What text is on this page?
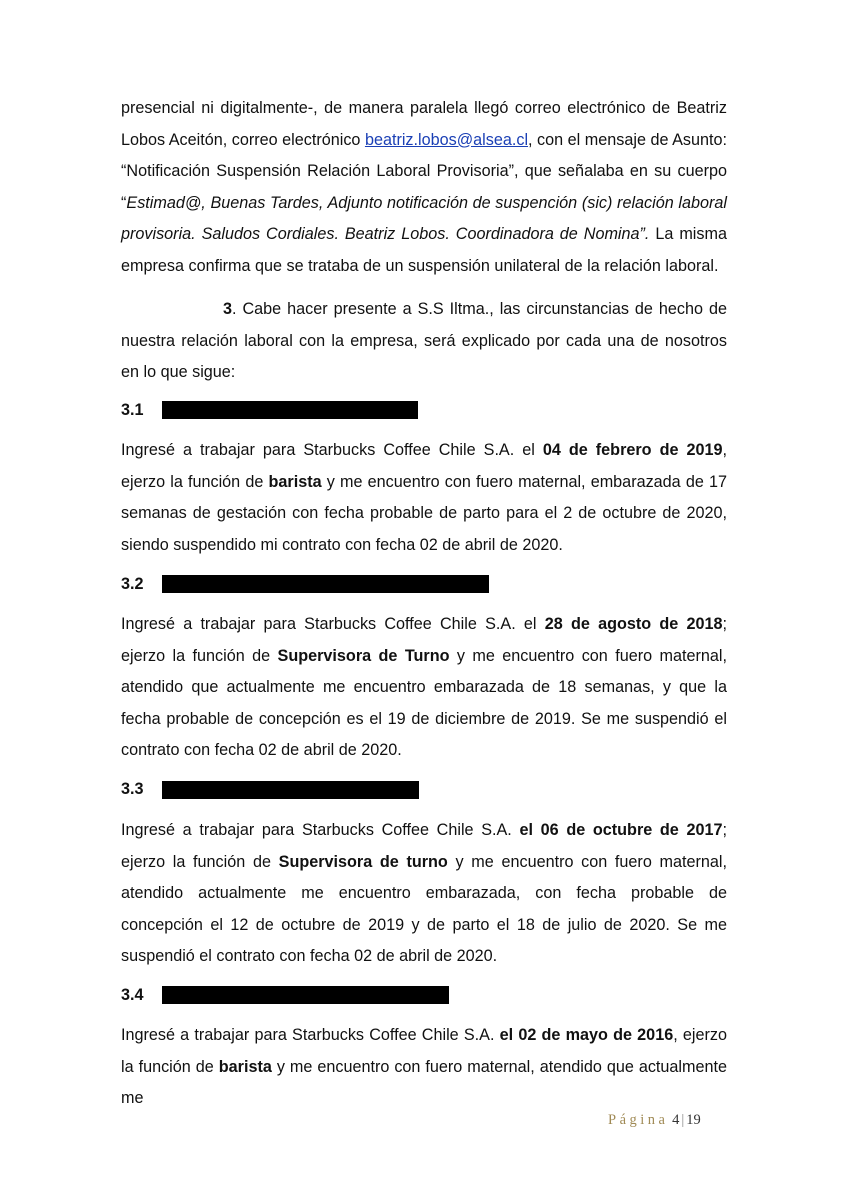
presencial ni digitalmente-, de manera paralela llegó correo electrónico de Beatriz Lobos Aceitón, correo electrónico beatriz.lobos@alsea.cl, con el mensaje de Asunto: “Notificación Suspensión Relación Laboral Provisoria”, que señalaba en su cuerpo “Estimad@, Buenas Tardes, Adjunto notificación de suspención (sic) relación laboral provisoria. Saludos Cordiales. Beatriz Lobos. Coordinadora de Nomina”. La misma empresa confirma que se trataba de un suspensión unilateral de la relación laboral.
3. Cabe hacer presente a S.S Iltma., las circunstancias de hecho de nuestra relación laboral con la empresa, será explicado por cada una de nosotros en lo que sigue:
3.1
Ingresé a trabajar para Starbucks Coffee Chile S.A. el 04 de febrero de 2019, ejerzo la función de barista y me encuentro con fuero maternal, embarazada de 17 semanas de gestación con fecha probable de parto para el 2 de octubre de 2020, siendo suspendido mi contrato con fecha 02 de abril de 2020.
3.2
Ingresé a trabajar para Starbucks Coffee Chile S.A. el 28 de agosto de 2018; ejerzo la función de Supervisora de Turno y me encuentro con fuero maternal, atendido que actualmente me encuentro embarazada de 18 semanas, y que la fecha probable de concepción es el 19 de diciembre de 2019. Se me suspendió el contrato con fecha 02 de abril de 2020.
3.3
Ingresé a trabajar para Starbucks Coffee Chile S.A. el 06 de octubre de 2017; ejerzo la función de Supervisora de turno y me encuentro con fuero maternal, atendido actualmente me encuentro embarazada, con fecha probable de concepción el 12 de octubre de 2019 y de parto el 18 de julio de 2020. Se me suspendió el contrato con fecha 02 de abril de 2020.
3.4
Ingresé a trabajar para Starbucks Coffee Chile S.A. el 02 de mayo de 2016, ejerzo la función de barista y me encuentro con fuero maternal, atendido que actualmente me
Página 4 | 19
